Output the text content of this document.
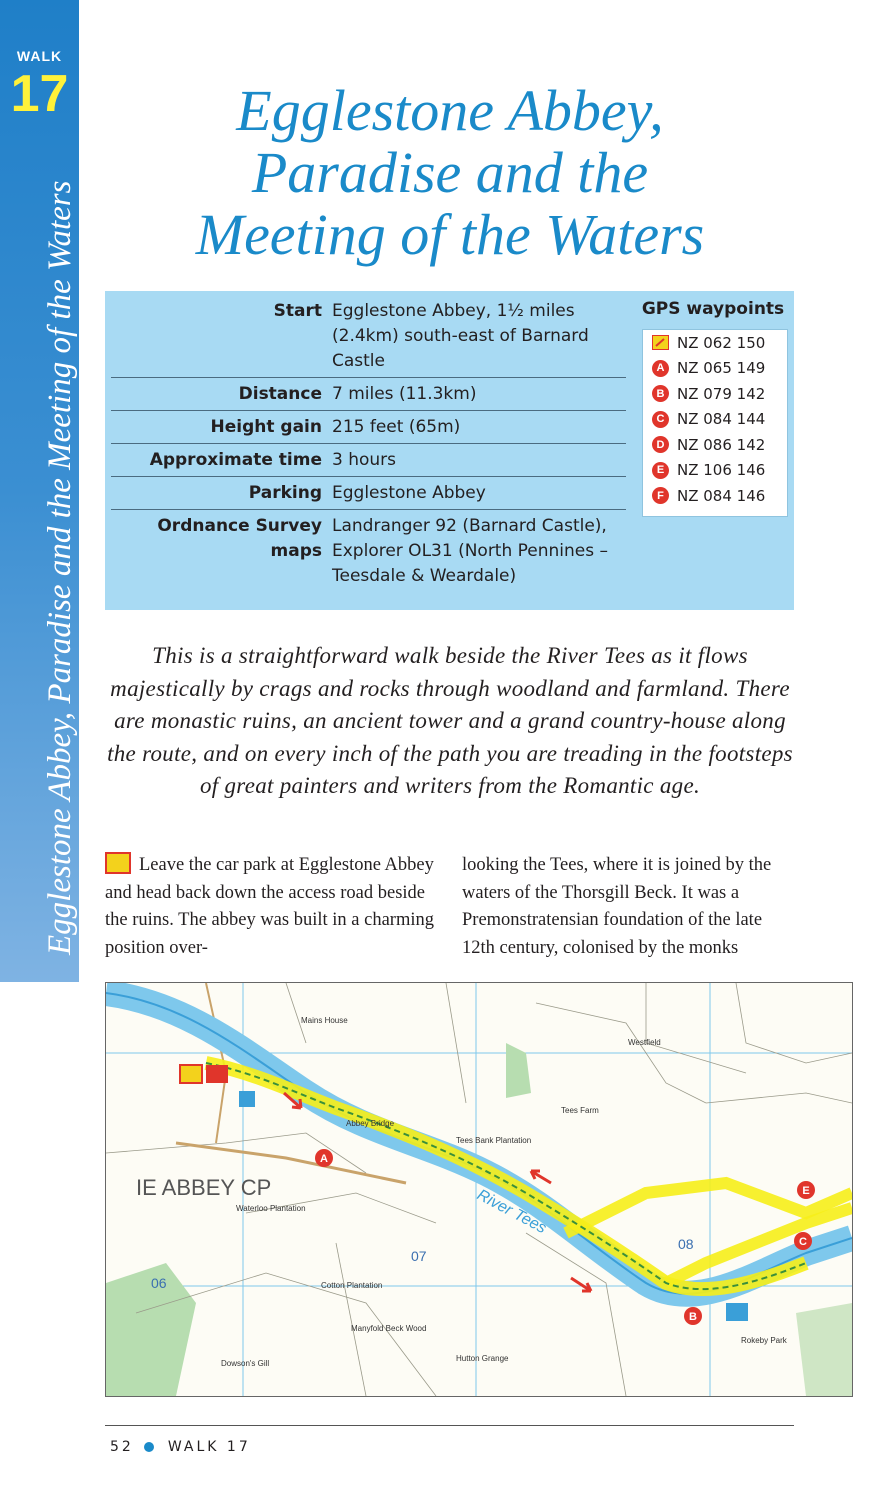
WALK
17
Egglestone Abbey, Paradise and the Meeting of the Waters
Egglestone Abbey,
Paradise and the
Meeting of the Waters
Start Egglestone Abbey, 1½ miles (2.4km) south-east of Barnard Castle
Distance 7 miles (11.3km)
Height gain 215 feet (65m)
Approximate time 3 hours
Parking Egglestone Abbey
Ordnance Survey maps
Landranger 92 (Barnard Castle), Explorer OL31 (North Pennines – Teesdale & Weardale)
GPS waypoints
NZ 062 150
A NZ 065 149
B NZ 079 142
C NZ 084 144
D NZ 086 142
E NZ 106 146
F NZ 084 146

This is a straightforward walk beside the River Tees as it flows majestically by crags and rocks through woodland and farmland. There are monastic ruins, an ancient tower and a grand country-house along the route, and on every inch of the path you are treading in the footsteps of great painters and writers from the Romantic age.

Leave the car park at Egglestone Abbey and head back down the access road beside the ruins. The abbey was built in a charming position over-
looking the Tees, where it is joined by the waters of the Thorsgill Beck. It was a Premonstratensian foundation of the late 12th century, colonised by the monks
A
B
C
E
IE ABBEY CP
06
07
08
River Tees
Waterloo Plantation
Cotton Plantation
Manyfold Beck Wood
Dowson's Gill
Tees Farm
Tees Bank Plantation
Westfield
Mains House
Abbey Bridge
Rokeby Park
Hutton Grange
52 WALK 17
